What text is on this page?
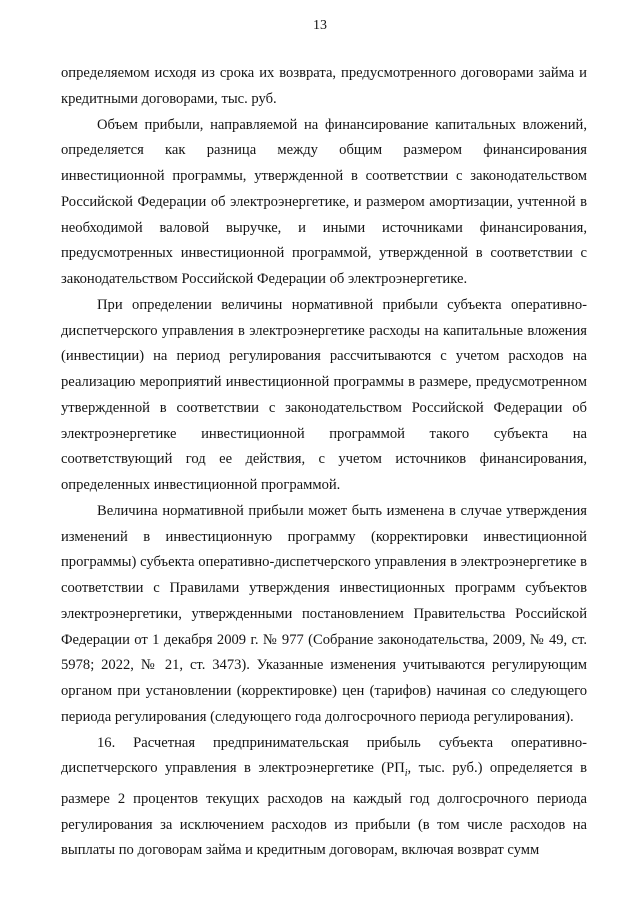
13

определяемом исходя из срока их возврата, предусмотренного договорами займа и кредитными договорами, тыс. руб.

Объем прибыли, направляемой на финансирование капитальных вложений, определяется как разница между общим размером финансирования инвестиционной программы, утвержденной в соответствии с законодательством Российской Федерации об электроэнергетике, и размером амортизации, учтенной в необходимой валовой выручке, и иными источниками финансирования, предусмотренных инвестиционной программой, утвержденной в соответствии с законодательством Российской Федерации об электроэнергетике.

При определении величины нормативной прибыли субъекта оперативно-диспетчерского управления в электроэнергетике расходы на капитальные вложения (инвестиции) на период регулирования рассчитываются с учетом расходов на реализацию мероприятий инвестиционной программы в размере, предусмотренном утвержденной в соответствии с законодательством Российской Федерации об электроэнергетике инвестиционной программой такого субъекта на соответствующий год ее действия, с учетом источников финансирования, определенных инвестиционной программой.

Величина нормативной прибыли может быть изменена в случае утверждения изменений в инвестиционную программу (корректировки инвестиционной программы) субъекта оперативно-диспетчерского управления в электроэнергетике в соответствии с Правилами утверждения инвестиционных программ субъектов электроэнергетики, утвержденными постановлением Правительства Российской Федерации от 1 декабря 2009 г. № 977 (Собрание законодательства, 2009, № 49, ст. 5978; 2022, № 21, ст. 3473). Указанные изменения учитываются регулирующим органом при установлении (корректировке) цен (тарифов) начиная со следующего периода регулирования (следующего года долгосрочного периода регулирования).

16. Расчетная предпринимательская прибыль субъекта оперативно-диспетчерского управления в электроэнергетике ($РП_i$, тыс. руб.) определяется в размере 2 процентов текущих расходов на каждый год долгосрочного периода регулирования за исключением расходов из прибыли (в том числе расходов на выплаты по договорам займа и кредитным договорам, включая возврат сумм
